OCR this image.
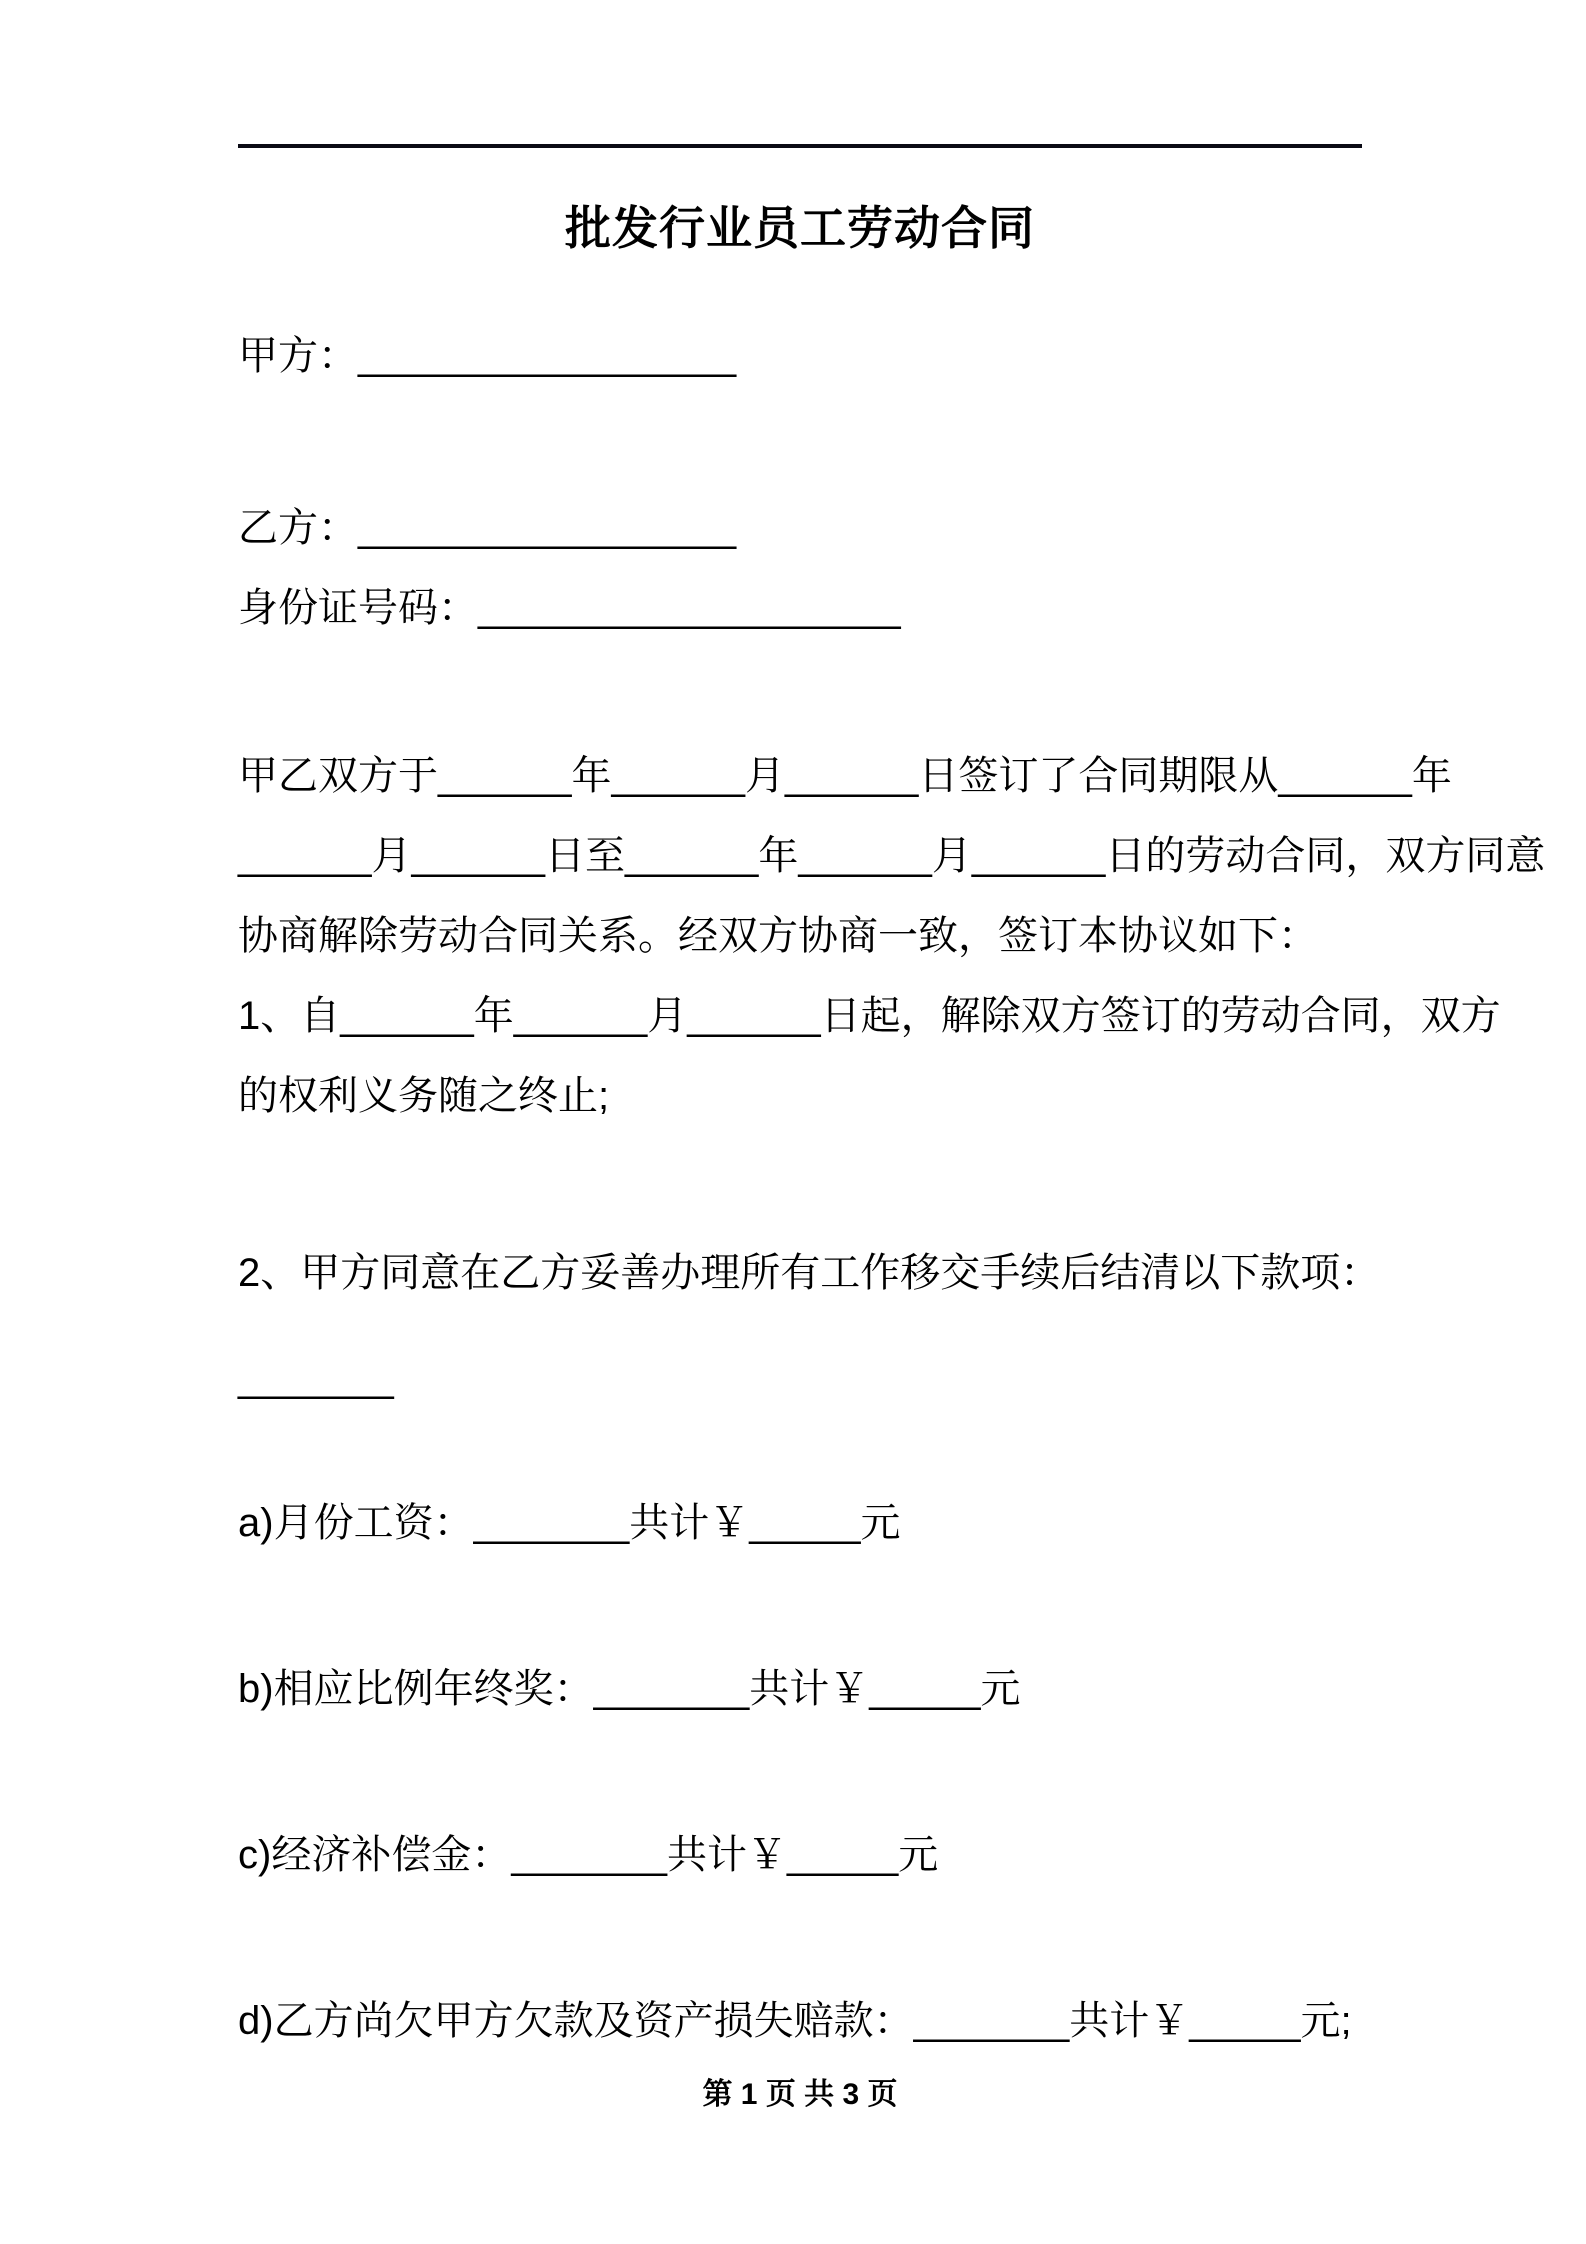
批发行业员工劳动合同
甲方：_________________
乙方：_________________
身份证号码：___________________
甲乙双方于______年______月______日签订了合同期限从______年
______月______日至______年______月______日的劳动合同，双方同意
协商解除劳动合同关系。经双方协商一致，签订本协议如下：
1、自______年______月______日起，解除双方签订的劳动合同，双方
的权利义务随之终止;
2、甲方同意在乙方妥善办理所有工作移交手续后结清以下款项：
_______
a)月份工资：_______共计￥_____元
b)相应比例年终奖：_______共计￥_____元
c)经济补偿金：_______共计￥_____元
d)乙方尚欠甲方欠款及资产损失赔款：_______共计￥_____元;
第 1 页 共 3 页
